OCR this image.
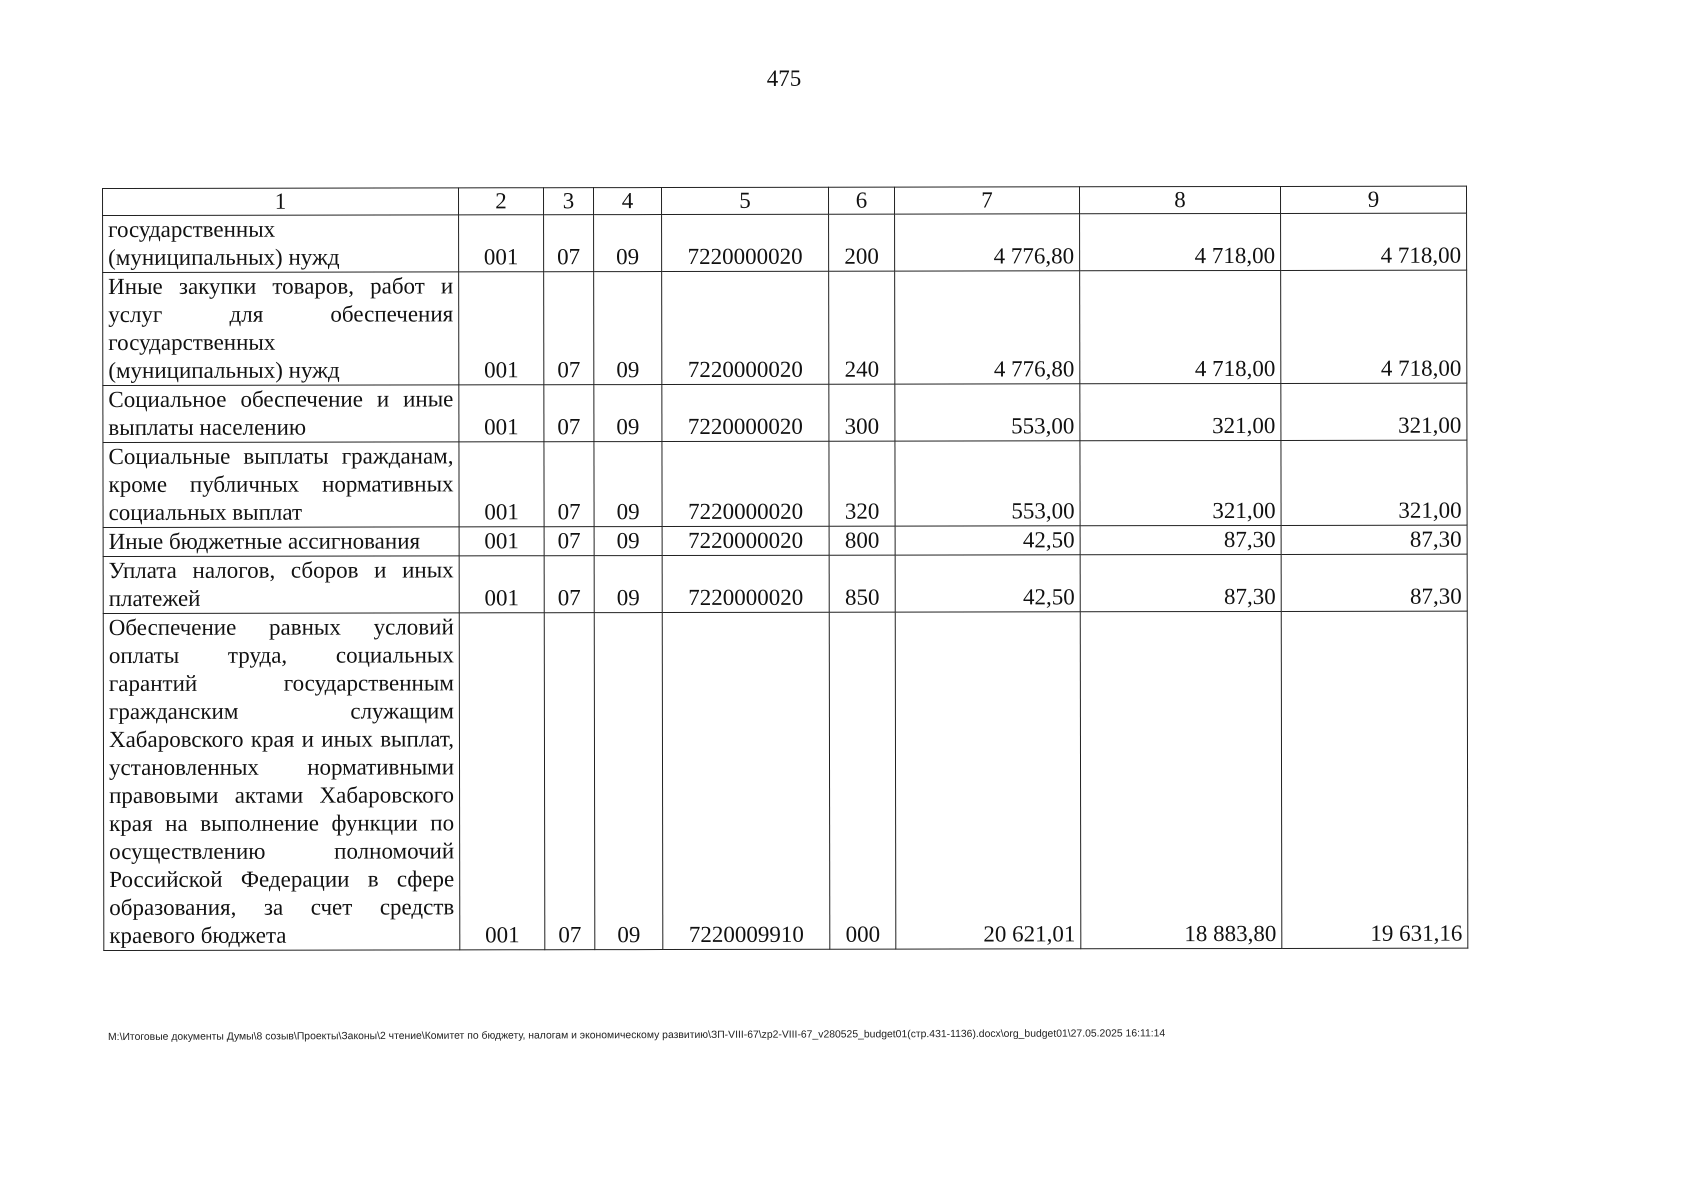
475
1	2	3	4	5	6	7	8	9
государственных (муниципальных) нужд	001	07	09	7220000020	200	4 776,80	4 718,00	4 718,00
Иные закупки товаров, работ и услуг для обеспечения государственных (муниципальных) нужд	001	07	09	7220000020	240	4 776,80	4 718,00	4 718,00
Социальное обеспечение и иные выплаты населению	001	07	09	7220000020	300	553,00	321,00	321,00
Социальные выплаты гражданам, кроме публичных нормативных социальных выплат	001	07	09	7220000020	320	553,00	321,00	321,00
Иные бюджетные ассигнования	001	07	09	7220000020	800	42,50	87,30	87,30
Уплата налогов, сборов и иных платежей	001	07	09	7220000020	850	42,50	87,30	87,30
Обеспечение равных условий оплаты труда, социальных гарантий государственным гражданским служащим Хабаровского края и иных выплат, установленных нормативными правовыми актами Хабаровского края на выполнение функции по осуществлению полномочий Российской Федерации в сфере образования, за счет средств краевого бюджета	001	07	09	7220009910	000	20 621,01	18 883,80	19 631,16
M:\Итоговые документы Думы\8 созыв\Проекты\Законы\2 чтение\Комитет по бюджету, налогам и экономическому развитию\ЗП-VIII-67\zp2-VIII-67_v280525_budget01(стр.431-1136).docx\org_budget01\27.05.2025 16:11:14
